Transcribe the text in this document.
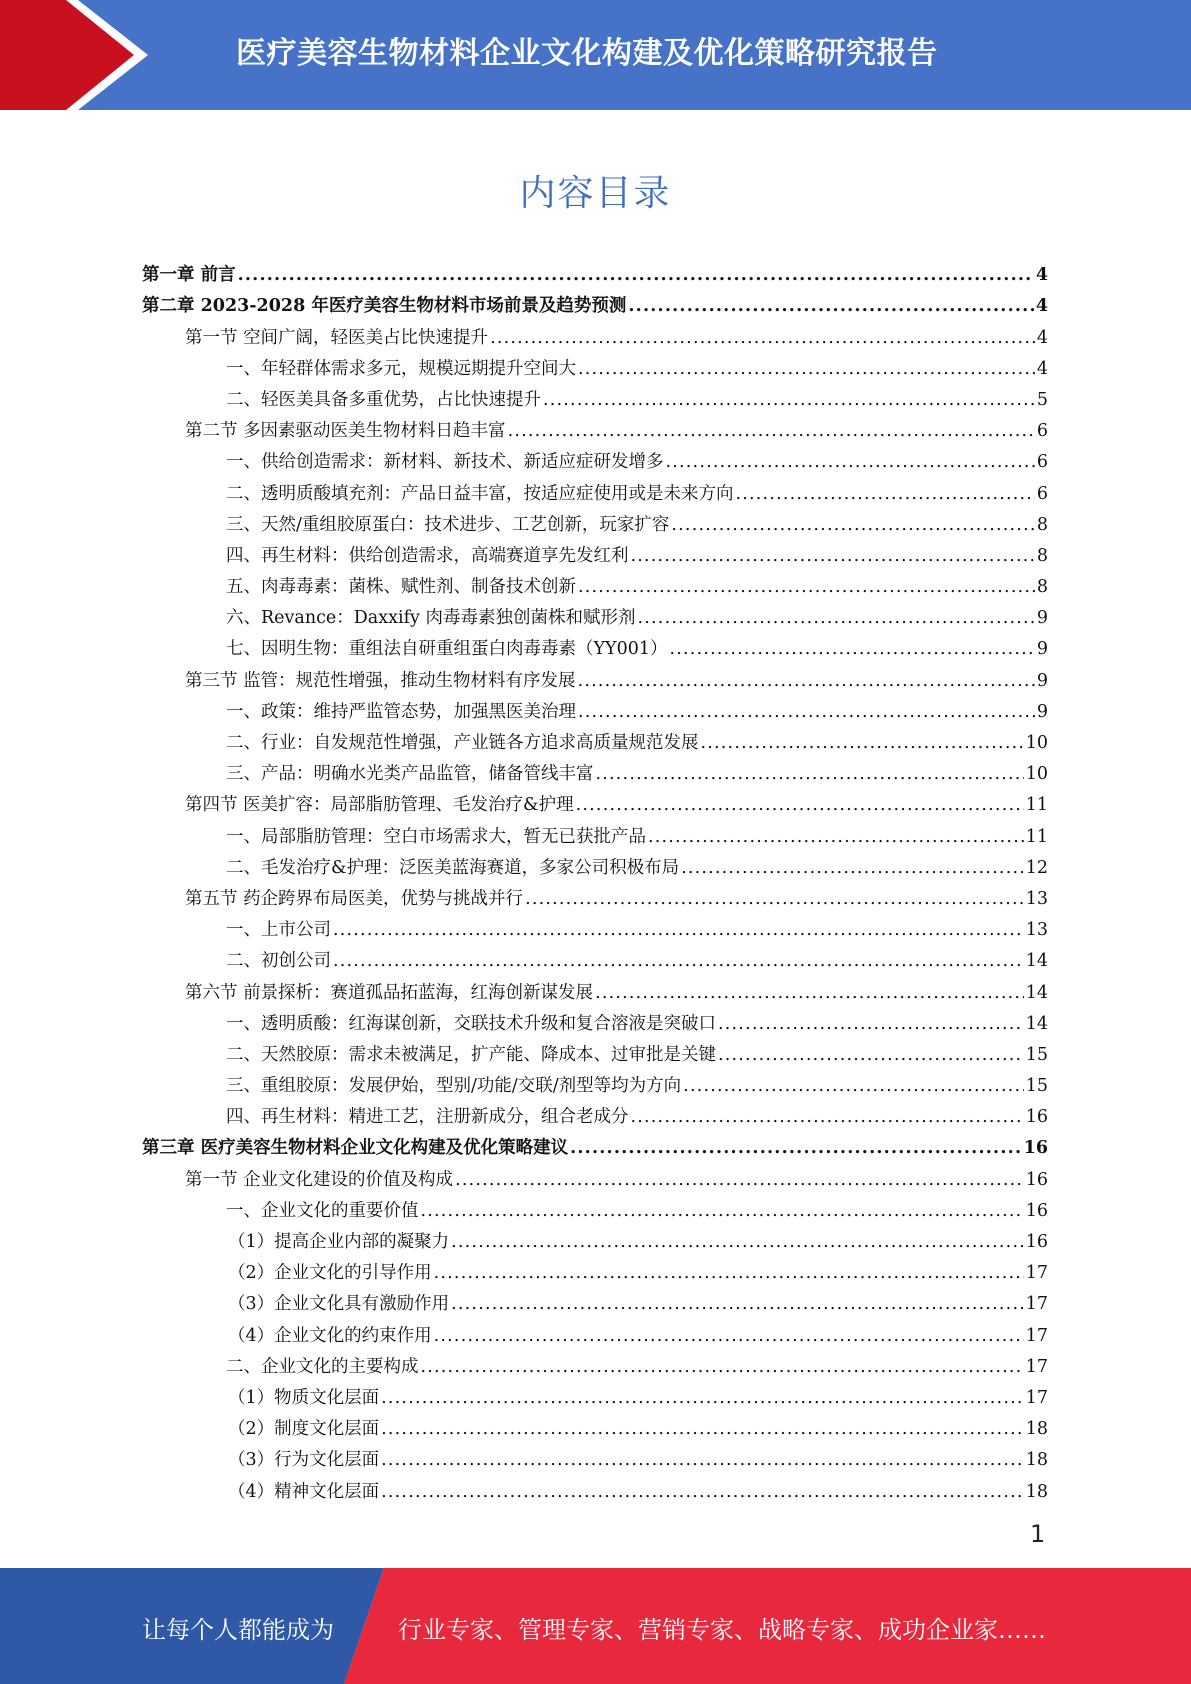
医疗美容生物材料企业文化构建及优化策略研究报告
内容目录
第一章 前言 .....	4
第二章 2023-2028 年医疗美容生物材料市场前景及趋势预测 .....	4
第一节 空间广阔，轻医美占比快速提升 .....	4
一、年轻群体需求多元，规模远期提升空间大 .....	4
二、轻医美具备多重优势，占比快速提升 .....	5
第二节 多因素驱动医美生物材料日趋丰富 .....	6
一、供给创造需求：新材料、新技术、新适应症研发增多 .....	6
二、透明质酸填充剂：产品日益丰富，按适应症使用或是未来方向 .....	6
三、天然/重组胶原蛋白：技术进步、工艺创新，玩家扩容 .....	8
四、再生材料：供给创造需求，高端赛道享先发红利 .....	8
五、肉毒毒素：菌株、赋性剂、制备技术创新 .....	8
六、Revance：Daxxify 肉毒毒素独创菌株和赋形剂 .....	9
七、因明生物：重组法自研重组蛋白肉毒毒素（YY001） .....	9
第三节 监管：规范性增强，推动生物材料有序发展 .....	9
一、政策：维持严监管态势，加强黑医美治理 .....	9
二、行业：自发规范性增强，产业链各方追求高质量规范发展 .....	10
三、产品：明确水光类产品监管，储备管线丰富 .....	10
第四节 医美扩容：局部脂肪管理、毛发治疗&护理 .....	11
一、局部脂肪管理：空白市场需求大，暂无已获批产品 .....	11
二、毛发治疗&护理：泛医美蓝海赛道，多家公司积极布局 .....	12
第五节 药企跨界布局医美，优势与挑战并行 .....	13
一、上市公司 .....	13
二、初创公司 .....	14
第六节 前景探析：赛道孤品拓蓝海，红海创新谋发展 .....	14
一、透明质酸：红海谋创新，交联技术升级和复合溶液是突破口 .....	14
二、天然胶原：需求未被满足，扩产能、降成本、过审批是关键 .....	15
三、重组胶原：发展伊始，型别/功能/交联/剂型等均为方向 .....	15
四、再生材料：精进工艺，注册新成分，组合老成分 .....	16
第三章 医疗美容生物材料企业文化构建及优化策略建议 .....	16
第一节 企业文化建设的价值及构成 .....	16
一、企业文化的重要价值 .....	16
（1）提高企业内部的凝聚力 .....	16
（2）企业文化的引导作用 .....	17
（3）企业文化具有激励作用 .....	17
（4）企业文化的约束作用 .....	17
二、企业文化的主要构成 .....	17
（1）物质文化层面 .....	17
（2）制度文化层面 .....	18
（3）行为文化层面 .....	18
（4）精神文化层面 .....	18
1
让每个人都能成为	行业专家、管理专家、营销专家、战略专家、成功企业家……
